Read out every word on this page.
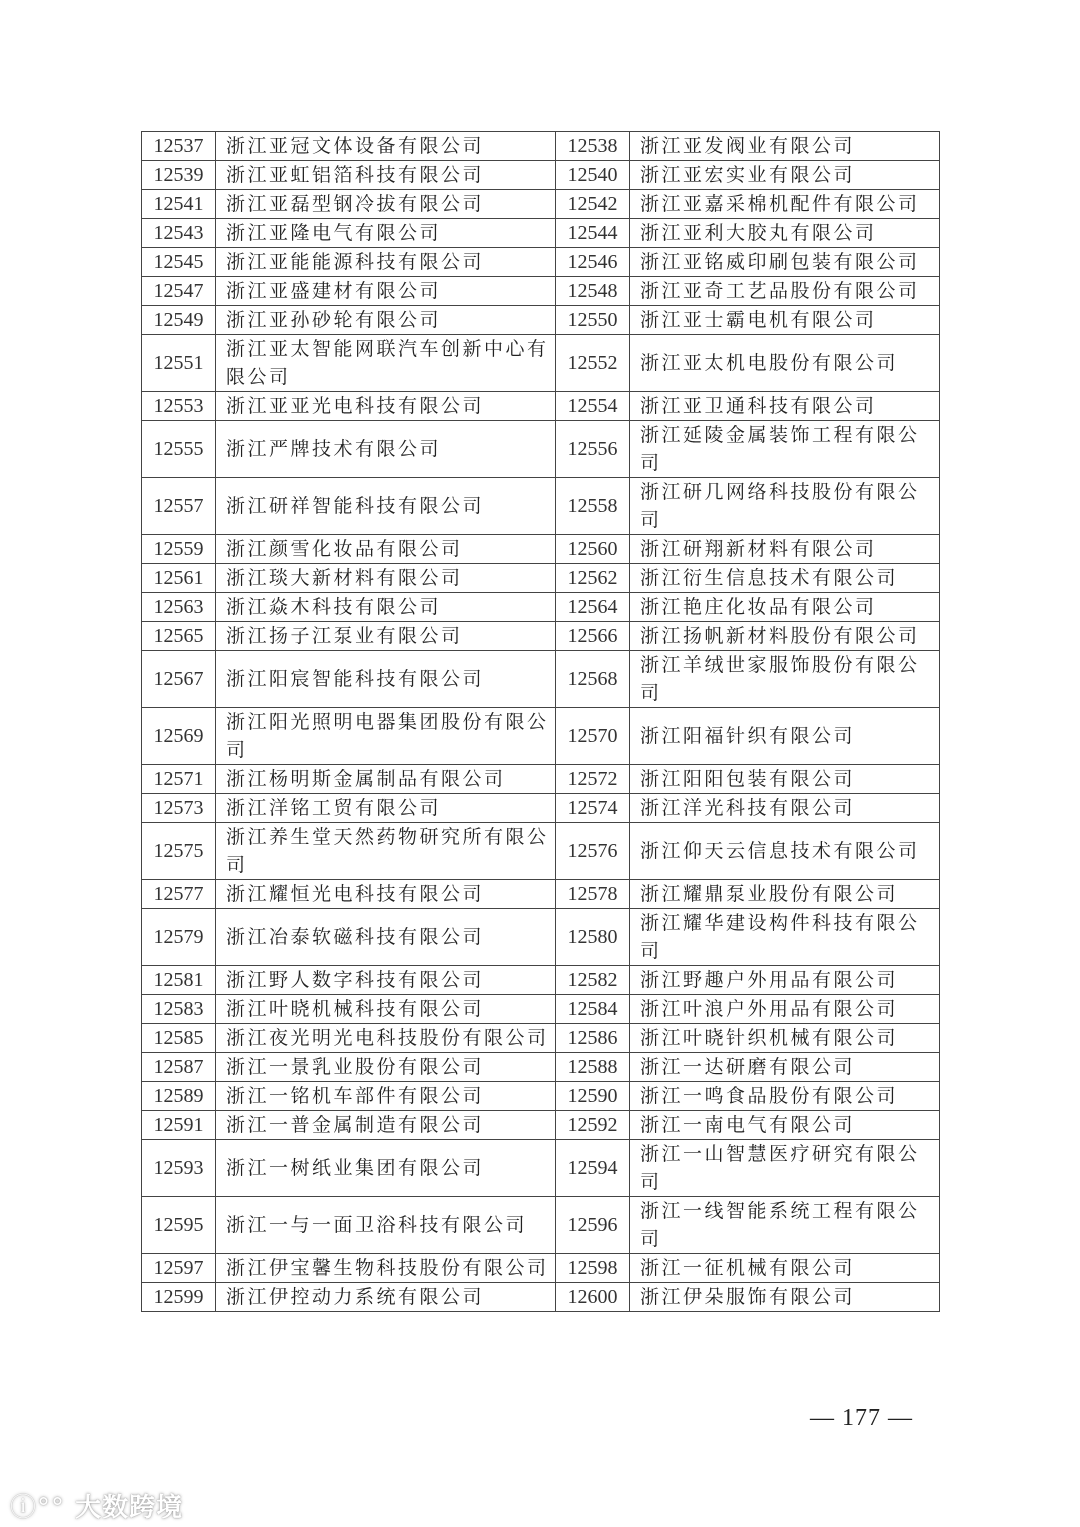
12537	浙江亚冠文体设备有限公司	12538	浙江亚发阀业有限公司
12539	浙江亚虹铝箔科技有限公司	12540	浙江亚宏实业有限公司
12541	浙江亚磊型钢冷拔有限公司	12542	浙江亚嘉采棉机配件有限公司
12543	浙江亚隆电气有限公司	12544	浙江亚利大胶丸有限公司
12545	浙江亚能能源科技有限公司	12546	浙江亚铭威印刷包装有限公司
12547	浙江亚盛建材有限公司	12548	浙江亚奇工艺品股份有限公司
12549	浙江亚孙砂轮有限公司	12550	浙江亚士霸电机有限公司
12551	浙江亚太智能网联汽车创新中心有限公司	12552	浙江亚太机电股份有限公司
12553	浙江亚亚光电科技有限公司	12554	浙江亚卫通科技有限公司
12555	浙江严牌技术有限公司	12556	浙江延陵金属装饰工程有限公司
12557	浙江研祥智能科技有限公司	12558	浙江研几网络科技股份有限公司
12559	浙江颜雪化妆品有限公司	12560	浙江研翔新材料有限公司
12561	浙江琰大新材料有限公司	12562	浙江衍生信息技术有限公司
12563	浙江焱木科技有限公司	12564	浙江艳庄化妆品有限公司
12565	浙江扬子江泵业有限公司	12566	浙江扬帆新材料股份有限公司
12567	浙江阳宸智能科技有限公司	12568	浙江羊绒世家服饰股份有限公司
12569	浙江阳光照明电器集团股份有限公司	12570	浙江阳福针织有限公司
12571	浙江杨明斯金属制品有限公司	12572	浙江阳阳包装有限公司
12573	浙江洋铭工贸有限公司	12574	浙江洋光科技有限公司
12575	浙江养生堂天然药物研究所有限公司	12576	浙江仰天云信息技术有限公司
12577	浙江耀恒光电科技有限公司	12578	浙江耀鼎泵业股份有限公司
12579	浙江冶泰软磁科技有限公司	12580	浙江耀华建设构件科技有限公司
12581	浙江野人数字科技有限公司	12582	浙江野趣户外用品有限公司
12583	浙江叶晓机械科技有限公司	12584	浙江叶浪户外用品有限公司
12585	浙江夜光明光电科技股份有限公司	12586	浙江叶晓针织机械有限公司
12587	浙江一景乳业股份有限公司	12588	浙江一达研磨有限公司
12589	浙江一铭机车部件有限公司	12590	浙江一鸣食品股份有限公司
12591	浙江一普金属制造有限公司	12592	浙江一南电气有限公司
12593	浙江一树纸业集团有限公司	12594	浙江一山智慧医疗研究有限公司
12595	浙江一与一面卫浴科技有限公司	12596	浙江一线智能系统工程有限公司
12597	浙江伊宝馨生物科技股份有限公司	12598	浙江一征机械有限公司
12599	浙江伊控动力系统有限公司	12600	浙江伊朵服饰有限公司
— 177 —
ⓘ°° 大数跨境
